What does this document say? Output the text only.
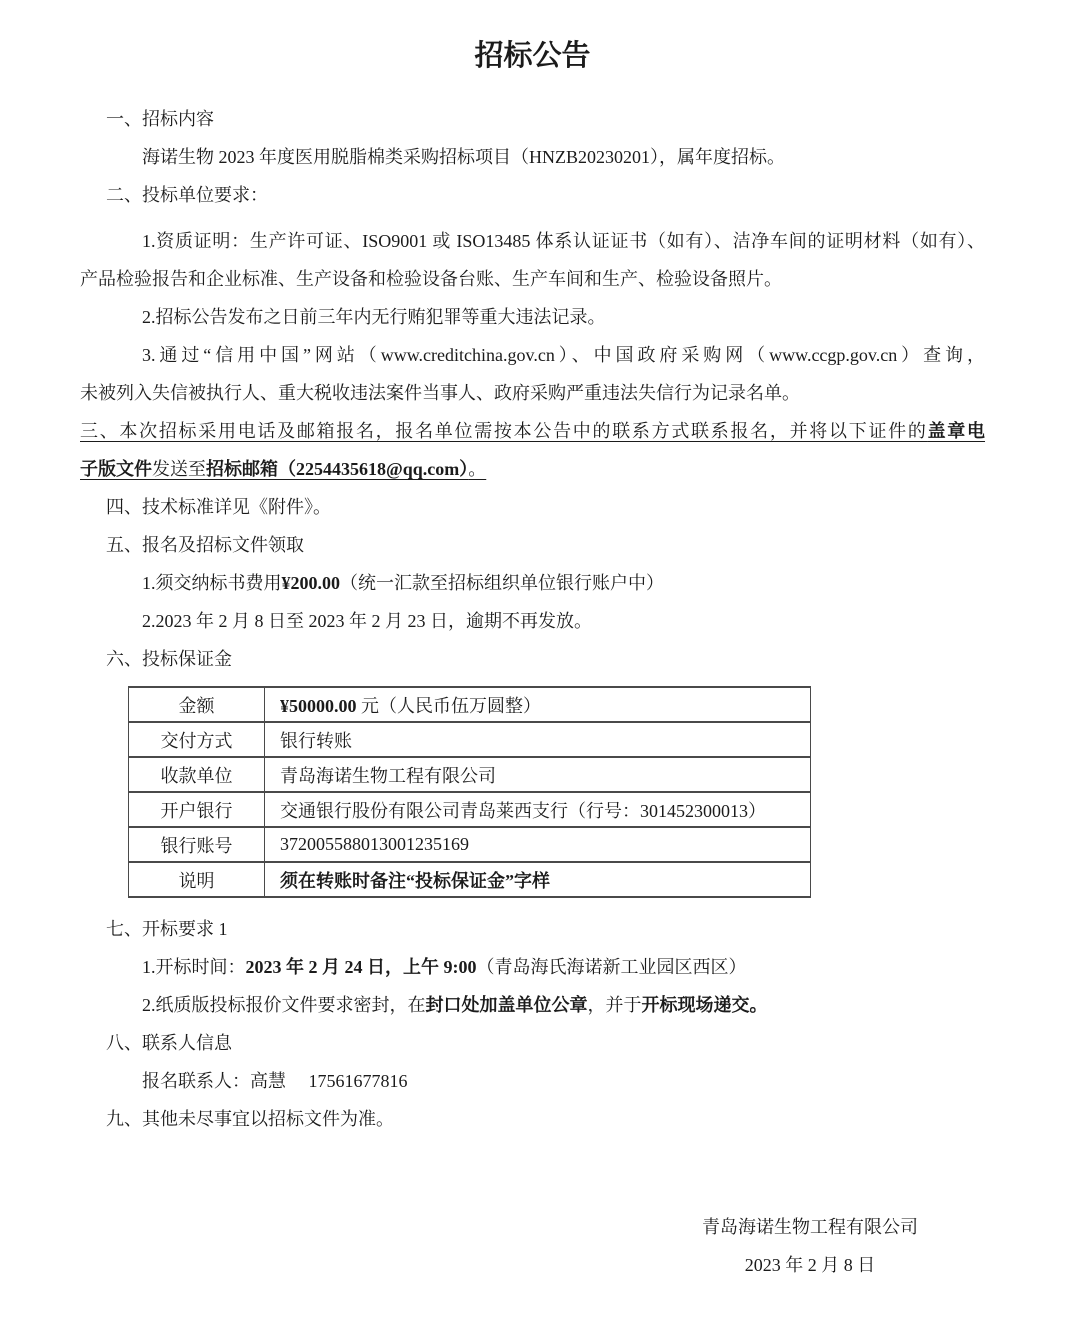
招标公告
一、招标内容
海诺生物 2023 年度医用脱脂棉类采购招标项目（HNZB20230201），属年度招标。
二、投标单位要求：
1.资质证明：生产许可证、ISO9001 或 ISO13485 体系认证证书（如有）、洁净车间的证明材料（如有）、
产品检验报告和企业标准、生产设备和检验设备台账、生产车间和生产、检验设备照片。
2.招标公告发布之日前三年内无行贿犯罪等重大违法记录。
3.通过“信用中国”网站（www.creditchina.gov.cn）、中国政府采购网（www.ccgp.gov.cn）查询，
未被列入失信被执行人、重大税收违法案件当事人、政府采购严重违法失信行为记录名单。
三、本次招标采用电话及邮箱报名，报名单位需按本公告中的联系方式联系报名，并将以下证件的盖章电
子版文件发送至招标邮箱（2254435618@qq.com）。
四、技术标准详见《附件》。
五、报名及招标文件领取
1.须交纳标书费用¥200.00（统一汇款至招标组织单位银行账户中）
2.2023 年 2 月 8 日至 2023 年 2 月 23 日，逾期不再发放。
六、投标保证金
金额	¥50000.00 元（人民币伍万圆整）
交付方式	银行转账
收款单位	青岛海诺生物工程有限公司
开户银行	交通银行股份有限公司青岛莱西支行（行号：301452300013）
银行账号	372005588013001235169
说明	须在转账时备注“投标保证金”字样
七、开标要求 1
1.开标时间：2023 年 2 月 24 日，上午 9:00（青岛海氏海诺新工业园区西区）
2.纸质版投标报价文件要求密封，在封口处加盖单位公章，并于开标现场递交。
八、联系人信息
报名联系人：高慧　 17561677816
九、其他未尽事宜以招标文件为准。
青岛海诺生物工程有限公司
2023 年 2 月 8 日
